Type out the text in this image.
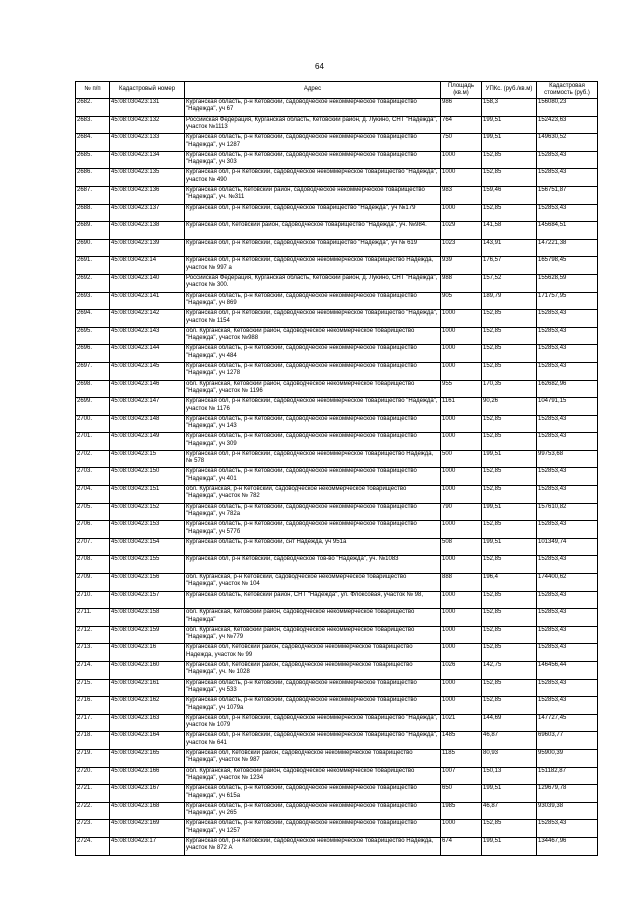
64
№ п/п	Кадастровый номер	Адрес	Площадь (кв.м)	УПКс. (руб./кв.м)	Кадастровая стоимость (руб.)
2682.	45:08:030423:131	Курганская область, р-н Кетовский, садоводческое некоммерческое товарищество "Надежда", уч 67	986	158,3	156080,23
2683.	45:08:030423:132	Российская Федерация, Курганская область, Кетовский район, д. Лукино, СНТ "Надежда", участок №1113	764	199,51	152423,63
2684.	45:08:030423:133	Курганская область, р-н Кетовский, садоводческое некоммерческое товарищество "Надежда", уч 1287	750	199,51	149630,52
2685.	45:08:030423:134	Курганская область, р-н Кетовский, садоводческое некоммерческое товарищество "Надежда", уч 303	1000	152,85	152853,43
2686.	45:08:030423:135	Курганская обл, р-н Кетовский, садоводческое некоммерческое товарищество "Надежда", участок № 490	1000	152,85	152853,43
2687.	45:08:030423:136	Курганская область, Кетовский район, садоводческое некоммерческое товарищество "Надежда", уч. №311	983	159,46	156751,87
2688.	45:08:030423:137	Курганская обл, р-н Кетовский, садоводческое товарищество "Надежда", уч №179	1000	152,85	152853,43
2689.	45:08:030423:138	Курганская обл, Кетовский район, садоводческое товарищество "Надежда", уч. №984.	1029	141,58	145684,51
2690.	45:08:030423:139	Курганская обл, р-н Кетовский, садоводческое товарищество "Надежда", уч № 619	1023	143,91	147221,38
2691.	45:08:030423:14	Курганская обл, р-н Кетовский, садоводческое некоммерческое товарищество Надежда, участок № 997 а	939	176,57	165798,45
2692.	45:08:030423:140	Российская Федерация, Курганская область, Кетовский район, д. Лукино, СНТ "Надежда", участок № 300.	988	157,52	155628,59
2693.	45:08:030423:141	Курганская область, р-н Кетовский, садоводческое некоммерческое товарищество "Надежда", уч 869	905	189,79	171757,95
2694.	45:08:030423:142	Курганская обл, р-н Кетовский, садоводческое некоммерческое товарищество "Надежда", участок № 1154	1000	152,85	152853,43
2695.	45:08:030423:143	обл. Курганская, Кетовский район, садоводческое некоммерческое товарищество "Надежда", участок №988	1000	152,85	152853,43
2696.	45:08:030423:144	Курганская область, р-н Кетовский, садоводческое некоммерческое товарищество "Надежда", уч 484	1000	152,85	152853,43
2697.	45:08:030423:145	Курганская область, р-н Кетовский, садоводческое некоммерческое товарищество "Надежда", уч 1278	1000	152,85	152853,43
2698.	45:08:030423:146	обл. Курганская, Кетовский район, садоводческое некоммерческое товарищество "Надежда", участок № 1196	955	170,35	162682,96
2699.	45:08:030423:147	Курганская обл, р-н Кетовский, садоводческое некоммерческое товарищество "Надежда", участок № 1176	1161	90,26	104791,15
2700.	45:08:030423:148	Курганская область, р-н Кетовский, садоводческое некоммерческое товарищество "Надежда", уч 143	1000	152,85	152853,43
2701.	45:08:030423:149	Курганская область, р-н Кетовский, садоводческое некоммерческое товарищество "Надежда", уч 309	1000	152,85	152853,43
2702.	45:08:030423:15	Курганская обл, р-н Кетовский, садоводческое некоммерческое товарищество Надежда, № 578	500	199,51	99753,68
2703.	45:08:030423:150	Курганская область, р-н Кетовский, садоводческое некоммерческое товарищество "Надежда", уч 401	1000	152,85	152853,43
2704.	45:08:030423:151	обл. Курганская, р-н Кетовский, садоводческое некоммерческое товарищество "Надежда", участок № 782	1000	152,85	152853,43
2705.	45:08:030423:152	Курганская область, р-н Кетовский, садоводческое некоммерческое товарищество "Надежда", уч 782а	790	199,51	157610,82
2706.	45:08:030423:153	Курганская область, р-н Кетовский, садоводческое некоммерческое товарищество "Надежда", уч 577б	1000	152,85	152853,43
2707.	45:08:030423:154	Курганская область, р-н Кетовский, снт Надежда, уч 951а	508	199,51	101349,74
2708.	45:08:030423:155	Курганская обл, р-н Кетовский, садоводческое тов-во "Надежда", уч. №1083	1000	152,85	152853,43
2709.	45:08:030423:156	обл. Курганская, р-н Кетовский, садоводческое некоммерческое товарищество "Надежда", участок № 104	888	196,4	174400,62
2710.	45:08:030423:157	Курганская область, Кетовский район, СНТ "Надежда", ул. Флоксовая, участок № 98,	1000	152,85	152853,43
2711.	45:08:030423:158	обл. Курганская, Кетовский район, садоводческое некоммерческое товарищество "Надежда"	1000	152,85	152853,43
2712.	45:08:030423:159	обл. Курганская, Кетовский район, садоводческое некоммерческое товарищество "Надежда", уч №779	1000	152,85	152853,43
2713.	45:08:030423:16	Курганская обл, Кетовский район, садоводческое некоммерческое товарищество Надежда, участок № 99	1000	152,85	152853,43
2714.	45:08:030423:160	Курганская обл, Кетовский район, садоводческое некоммерческое товарищество "Надежда", уч. № 1028	1026	142,75	146456,44
2715.	45:08:030423:161	Курганская область, р-н Кетовский, садоводческое некоммерческое товарищество "Надежда", уч 533	1000	152,85	152853,43
2716.	45:08:030423:162	Курганская область, р-н Кетовский, садоводческое некоммерческое товарищество "Надежда", уч 1079а	1000	152,85	152853,43
2717.	45:08:030423:163	Курганская обл, р-н Кетовский, садоводческое некоммерческое товарищество "Надежда", участок № 1079	1021	144,69	147727,45
2718.	45:08:030423:164	Курганская обл, р-н Кетовский, садоводческое некоммерческое товарищество "Надежда", участок № 641	1485	46,87	69603,77
2719.	45:08:030423:165	Курганская обл, Кетовский район, садоводческое некоммерческое товарищество "Надежда", участок № 987	1185	80,93	95900,39
2720.	45:08:030423:166	обл. Курганская, Кетовский район, садоводческое некоммерческое товарищество "Надежда", участок № 1234	1007	150,13	151182,87
2721.	45:08:030423:167	Курганская область, р-н Кетовский, садоводческое некоммерческое товарищество "Надежда", уч 615а	650	199,51	129679,78
2722.	45:08:030423:168	Курганская область, р-н Кетовский, садоводческое некоммерческое товарищество "Надежда", уч 265	1985	46,87	93039,38
2723.	45:08:030423:169	Курганская область, р-н Кетовский, садоводческое некоммерческое товарищество "Надежда", уч 1257	1000	152,85	152853,43
2724.	45:08:030423:17	Курганская обл, р-н Кетовский, садоводческое некоммерческое товарищество Надежда, участок № 872 А	674	199,51	134467,96
